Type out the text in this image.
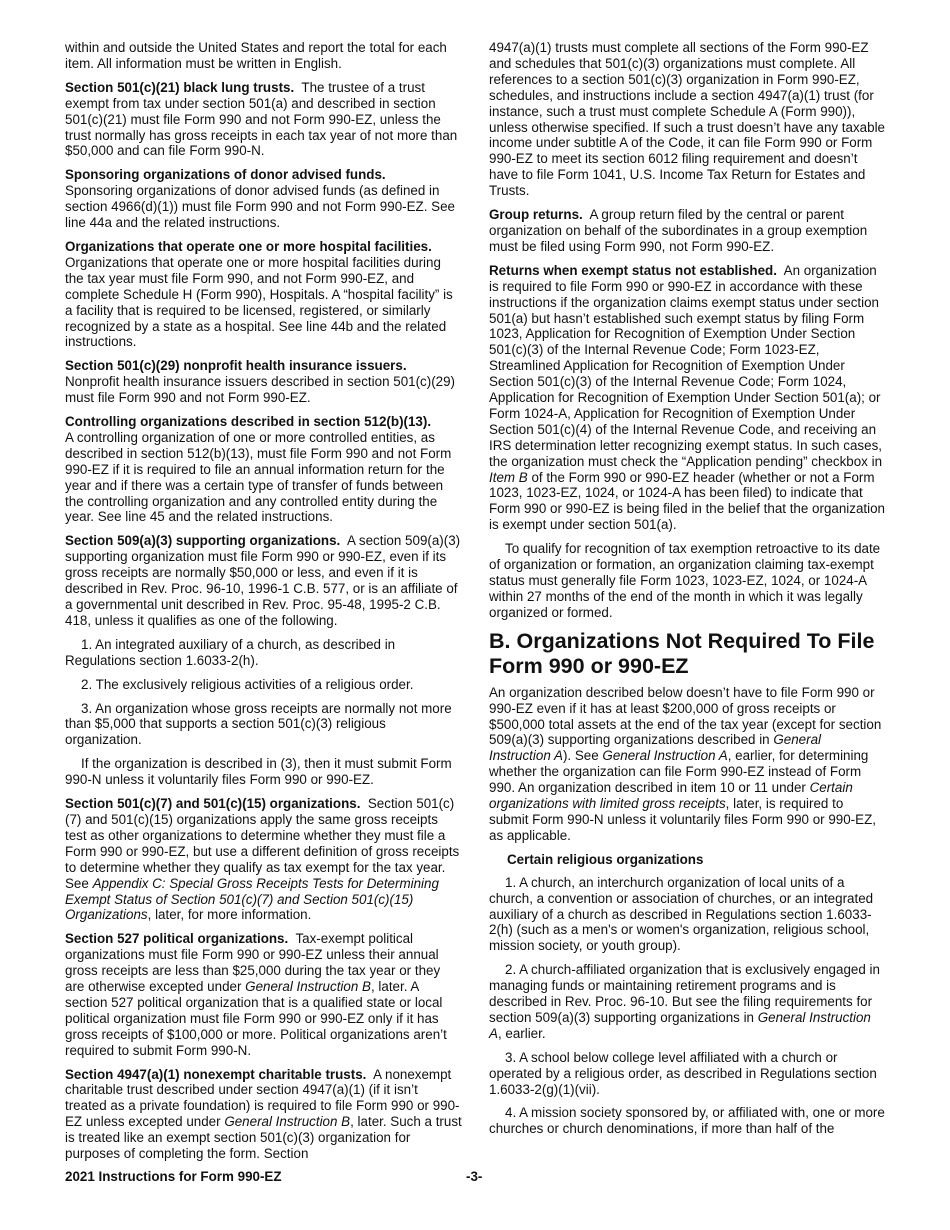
within and outside the United States and report the total for each item. All information must be written in English.

Section 501(c)(21) black lung trusts. The trustee of a trust exempt from tax under section 501(a) and described in section 501(c)(21) must file Form 990 and not Form 990-EZ, unless the trust normally has gross receipts in each tax year of not more than $50,000 and can file Form 990-N.

Sponsoring organizations of donor advised funds.
Sponsoring organizations of donor advised funds (as defined in section 4966(d)(1)) must file Form 990 and not Form 990-EZ. See line 44a and the related instructions.

Organizations that operate one or more hospital facilities.
Organizations that operate one or more hospital facilities during the tax year must file Form 990, and not Form 990-EZ, and complete Schedule H (Form 990), Hospitals. A “hospital facility” is a facility that is required to be licensed, registered, or similarly recognized by a state as a hospital. See line 44b and the related instructions.

Section 501(c)(29) nonprofit health insurance issuers.
Nonprofit health insurance issuers described in section 501(c)(29) must file Form 990 and not Form 990-EZ.

Controlling organizations described in section 512(b)(13).
A controlling organization of one or more controlled entities, as described in section 512(b)(13), must file Form 990 and not Form 990-EZ if it is required to file an annual information return for the year and if there was a certain type of transfer of funds between the controlling organization and any controlled entity during the year. See line 45 and the related instructions.

Section 509(a)(3) supporting organizations. A section 509(a)(3) supporting organization must file Form 990 or 990-EZ, even if its gross receipts are normally $50,000 or less, and even if it is described in Rev. Proc. 96-10, 1996-1 C.B. 577, or is an affiliate of a governmental unit described in Rev. Proc. 95-48, 1995-2 C.B. 418, unless it qualifies as one of the following.

1. An integrated auxiliary of a church, as described in Regulations section 1.6033-2(h).

2. The exclusively religious activities of a religious order.

3. An organization whose gross receipts are normally not more than $5,000 that supports a section 501(c)(3) religious organization.

If the organization is described in (3), then it must submit Form 990-N unless it voluntarily files Form 990 or 990-EZ.

Section 501(c)(7) and 501(c)(15) organizations. Section 501(c)(7) and 501(c)(15) organizations apply the same gross receipts test as other organizations to determine whether they must file a Form 990 or 990-EZ, but use a different definition of gross receipts to determine whether they qualify as tax exempt for the tax year. See Appendix C: Special Gross Receipts Tests for Determining Exempt Status of Section 501(c)(7) and Section 501(c)(15) Organizations, later, for more information.

Section 527 political organizations. Tax-exempt political organizations must file Form 990 or 990-EZ unless their annual gross receipts are less than $25,000 during the tax year or they are otherwise excepted under General Instruction B, later. A section 527 political organization that is a qualified state or local political organization must file Form 990 or 990-EZ only if it has gross receipts of $100,000 or more. Political organizations aren’t required to submit Form 990-N.

Section 4947(a)(1) nonexempt charitable trusts. A nonexempt charitable trust described under section 4947(a)(1) (if it isn’t treated as a private foundation) is required to file Form 990 or 990-EZ unless excepted under General Instruction B, later. Such a trust is treated like an exempt section 501(c)(3) organization for purposes of completing the form. Section

4947(a)(1) trusts must complete all sections of the Form 990-EZ and schedules that 501(c)(3) organizations must complete. All references to a section 501(c)(3) organization in Form 990-EZ, schedules, and instructions include a section 4947(a)(1) trust (for instance, such a trust must complete Schedule A (Form 990)), unless otherwise specified. If such a trust doesn’t have any taxable income under subtitle A of the Code, it can file Form 990 or Form 990-EZ to meet its section 6012 filing requirement and doesn’t have to file Form 1041, U.S. Income Tax Return for Estates and Trusts.

Group returns. A group return filed by the central or parent organization on behalf of the subordinates in a group exemption must be filed using Form 990, not Form 990-EZ.

Returns when exempt status not established. An organization is required to file Form 990 or 990-EZ in accordance with these instructions if the organization claims exempt status under section 501(a) but hasn’t established such exempt status by filing Form 1023, Application for Recognition of Exemption Under Section 501(c)(3) of the Internal Revenue Code; Form 1023-EZ, Streamlined Application for Recognition of Exemption Under Section 501(c)(3) of the Internal Revenue Code; Form 1024, Application for Recognition of Exemption Under Section 501(a); or Form 1024-A, Application for Recognition of Exemption Under Section 501(c)(4) of the Internal Revenue Code, and receiving an IRS determination letter recognizing exempt status. In such cases, the organization must check the “Application pending” checkbox in Item B of the Form 990 or 990-EZ header (whether or not a Form 1023, 1023-EZ, 1024, or 1024-A has been filed) to indicate that Form 990 or 990-EZ is being filed in the belief that the organization is exempt under section 501(a).

To qualify for recognition of tax exemption retroactive to its date of organization or formation, an organization claiming tax-exempt status must generally file Form 1023, 1023-EZ, 1024, or 1024-A within 27 months of the end of the month in which it was legally organized or formed.

B. Organizations Not Required To File Form 990 or 990-EZ

An organization described below doesn’t have to file Form 990 or 990-EZ even if it has at least $200,000 of gross receipts or $500,000 total assets at the end of the tax year (except for section 509(a)(3) supporting organizations described in General Instruction A). See General Instruction A, earlier, for determining whether the organization can file Form 990-EZ instead of Form 990. An organization described in item 10 or 11 under Certain organizations with limited gross receipts, later, is required to submit Form 990-N unless it voluntarily files Form 990 or 990-EZ, as applicable.

Certain religious organizations

1. A church, an interchurch organization of local units of a church, a convention or association of churches, or an integrated auxiliary of a church as described in Regulations section 1.6033-2(h) (such as a men's or women's organization, religious school, mission society, or youth group).

2. A church-affiliated organization that is exclusively engaged in managing funds or maintaining retirement programs and is described in Rev. Proc. 96-10. But see the filing requirements for section 509(a)(3) supporting organizations in General Instruction A, earlier.

3. A school below college level affiliated with a church or operated by a religious order, as described in Regulations section 1.6033-2(g)(1)(vii).

4. A mission society sponsored by, or affiliated with, one or more churches or church denominations, if more than half of the

2021 Instructions for Form 990-EZ	-3-
